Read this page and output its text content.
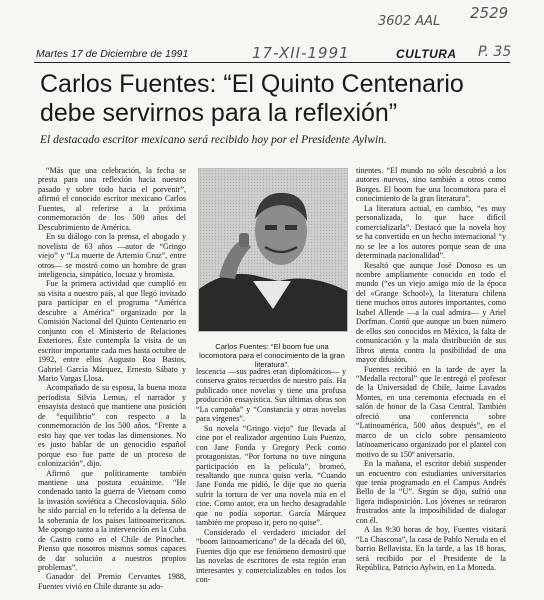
3602 AAL 2529
17-XII-1991	P. 35
Martes 17 de Diciembre de 1991	CULTURA
Carlos Fuentes: “El Quinto Centenario debe servirnos para la reflexión”

El destacado escritor mexicano será recibido hoy por el Presidente Aylwin.

“Más que una celebración, la fecha se presta para una reflexión hacia nuestro pasado y sobre todo hacia el porvenir”, afirmó el conocido escritor mexicano Carlos Fuentes, al referirse a la próxima conmemoración de los 500 años del Descubrimiento de América.

En su diálogo con la prensa, el abogado y novelista de 63 años —autor de “Gringo viejo” y “La muerte de Artemio Cruz”, entre otros— se mostró como un hombre de gran inteligencia, simpático, locuaz y bromista.

Fue la primera actividad que cumplió en su visita a nuestro país, al que llegó invitado para participar en el programa “América descubre a América” organizado por la Comisión Nacional del Quinto Centenario en conjunto con el Ministerio de Relaciones Exteriores. Éste contempla la visita de un escritor importante cada mes hasta octubre de 1992, entre ellos Augusto Roa Bastos, Gabriel García Márquez, Ernesto Sábato y Mario Vargas Llosa.

Acompañado de su esposa, la buena moza periodista Silvia Lemus, el narrador y ensayista destacó que mantiene una posición de “equilibrio” con respecto a la conmemoración de los 500 años. “Frente a esto hay que ver todas las dimensiones. No es justo hablar de un genocidio español porque eso fue parte de un proceso de colonización”, dijo.

Afirmó que políticamente también mantiene una postura ecuánime. “He condenado tanto la guerra de Vietnam como la invasión soviética a Checoslovaquia. Sólo he sido parcial en lo referido a la defensa de la soberanía de los países latinoamericanos. Me opongo tanto a la intervención en la Cuba de Castro como en el Chile de Pinochet. Pienso que nosotros mismos somos capaces de dar solución a nuestros propios problemas”.

Ganador del Premio Cervantes 1988, Fuentes vivió en Chile durante su ado-

Carlos Fuentes: “El boom fue una locomotora para el conocimiento de la gran literatura”.

lescencia —sus padres eran diplomáticos— y conserva gratos recuerdos de nuestro país. Ha publicado once novelas y tiene una profusa producción ensayística. Sus últimas obras son “La campaña” y “Constancia y otras novelas para vírgenes”.

Su novela “Gringo viejo” fue llevada al cine por el realizador argentino Luis Puenzo, con Jane Fonda y Gregory Peck como protagonistas. “Por fortuna no tuve ninguna participación en la película”, bromeó, resaltando que nunca quiso verla. “Cuando Jane Fonda me pidió, le dije que no quería sufrir la tortura de ver una novela mía en el cine. Como autor, era un hecho desagradable que no podía soportar. García Márquez también me propuso ir, pero no quise”.

Considerado el verdadero iniciador del “boom latinoamericano” de la década del 60, Fuentes dijo que ese fenómeno demostró que las novelas de escritores de esta región eran interesantes y comercializables en todos los con-

tinentes. “El mundo no sólo descubrió a los autores nuevos, sino también a otros como Borges. El boom fue una locomotora para el conocimiento de la gran literatura”.

La literatura actual, en cambio, “es muy personalizada, lo que hace difícil comercializarla”. Destacó que la novela hoy se ha convertido en un hecho internacional “y no se lee a los autores porque sean de una determinada nacionalidad”.

Resaltó que aunque José Donoso es un nombre ampliamente conocido en todo el mundo (“es un viejo amigo mío de la época del «Grange School»), la literatura chilena tiene muchos otros autores importantes, como Isabel Allende —a la cual admira— y Ariel Dorfman. Contó que aunque un buen número de ellos son conocidos en México, la falta de comunicación y la mala distribución de sus libros atenta contra la posibilidad de una mayor difusión.

Fuentes recibió en la tarde de ayer la “Medalla rectoral” que le entregó el profesor de la Universidad de Chile, Jaime Lavados Montes, en una ceremonia efectuada en el salón de honor de la Casa Central. También ofreció una conferencia sobre “Latinoamérica, 500 años después”, en el marco de un ciclo sobre pensamiento latinoamericano organizado por el plantel con motivo de su 150º aniversario.

En la mañana, el escritor debió suspender un encuentro con estudiantes universitarios que tenía programado en el Campus Andrés Bello de la “U”. Según se dijo, sufrió una ligera indisposición. Los jóvenes se retiraron frustrados ante la imposibilidad de dialogar con él.

A las 9:30 horas de hoy, Fuentes visitará “La Chascona”, la casa de Pablo Neruda en el barrio Bellavista. En la tarde, a las 18 horas, será recibido por el Presidente de la República, Patricio Aylwin, en La Moneda.
